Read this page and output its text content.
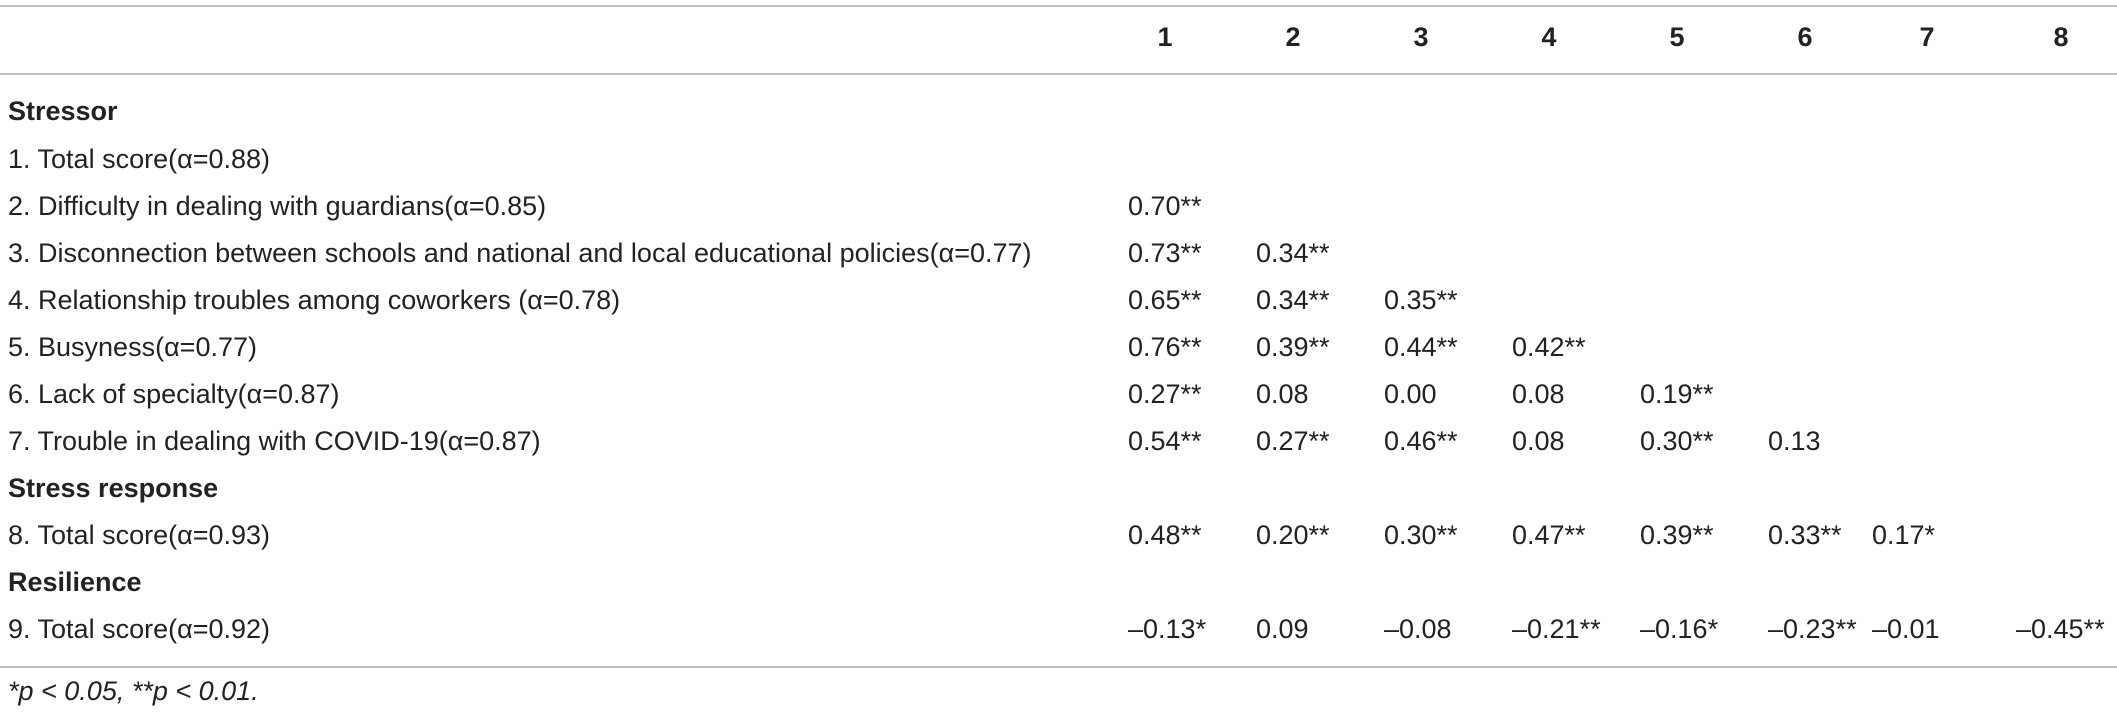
1	2	3	4	5	6	7	8
Stressor
1. Total score(α=0.88)
2. Difficulty in dealing with guardians(α=0.85)	0.70**
3. Disconnection between schools and national and local educational policies(α=0.77)	0.73** 0.34**
4. Relationship troubles among coworkers (α=0.78)	0.65** 0.34** 0.35**
5. Busyness(α=0.77)	0.76** 0.39** 0.44** 0.42**
6. Lack of specialty(α=0.87)	0.27** 0.08	0.00	0.08	0.19**
7. Trouble in dealing with COVID-19(α=0.87)	0.54** 0.27** 0.46** 0.08	0.30** 0.13
Stress response
8. Total score(α=0.93)	0.48** 0.20** 0.30** 0.47** 0.39** 0.33** 0.17*
Resilience
9. Total score(α=0.92)	–0.13* 0.09	–0.08 –0.21** –0.16* –0.23** –0.01	–0.45**
*p < 0.05, **p < 0.01.
